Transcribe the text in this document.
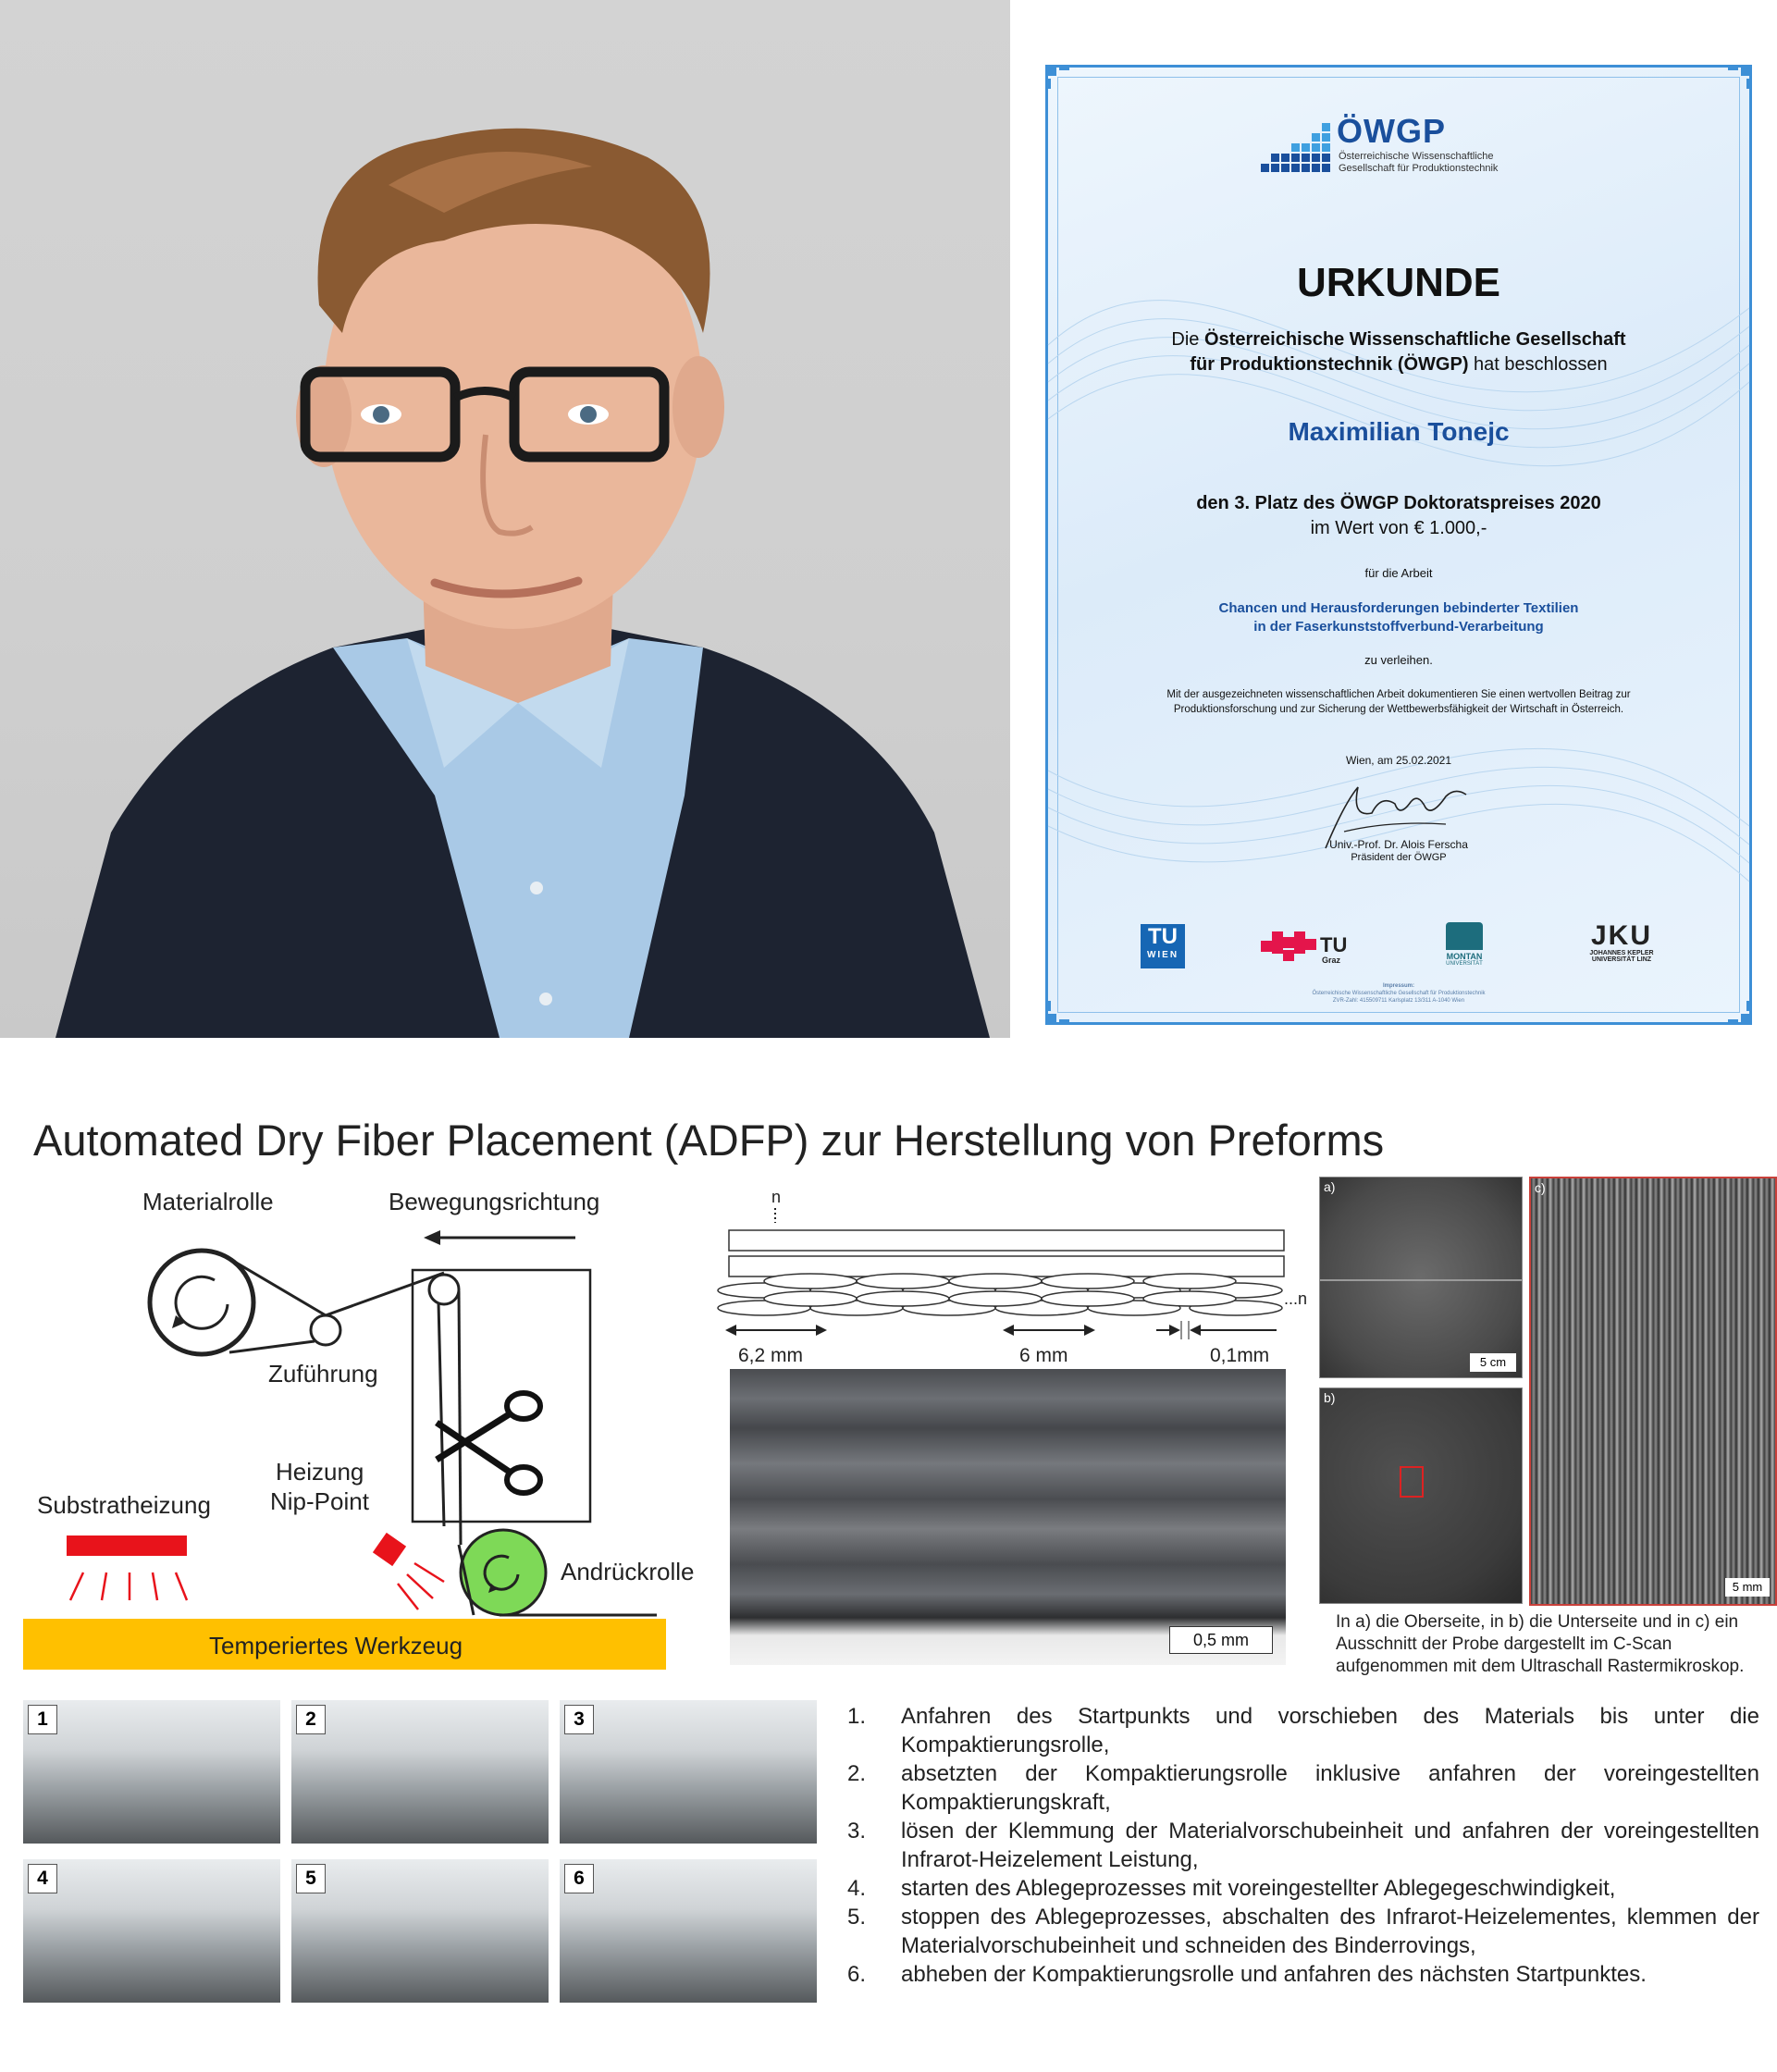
ÖWGP
Österreichische Wissenschaftliche
Gesellschaft für Produktionstechnik
URKUNDE
Die Österreichische Wissenschaftliche Gesellschaft
für Produktionstechnik (ÖWGP) hat beschlossen
Maximilian Tonejc
den 3. Platz des ÖWGP Doktoratspreises 2020
im Wert von € 1.000,-
für die Arbeit
Chancen und Herausforderungen bebinderter Textilien
in der Faserkunststoffverbund-Verarbeitung
zu verleihen.
Mit der ausgezeichneten wissenschaftlichen Arbeit dokumentieren Sie einen wertvollen Beitrag zur
Produktionsforschung und zur Sicherung der Wettbewerbsfähigkeit der Wirtschaft in Österreich.
Wien, am 25.02.2021
Univ.-Prof. Dr. Alois Ferscha
Präsident der ÖWGP
TU
WIEN	TU
Graz	MONTAN
UNIVERSITÄT
JKU
JOHANNES KEPLER
UNIVERSITÄT LINZ
Impressum:
Österreichische Wissenschaftliche Gesellschaft für Produktionstechnik
ZVR-Zahl: 415509711 Karlsplatz 13/311 A-1040 Wien
Automated Dry Fiber Placement (ADFP) zur Herstellung von Preforms
Materialrolle	Bewegungsrichtung
Zuführung
Heizung
Nip-Point
Substratheizung
Andrückrolle
Temperiertes Werkzeug
n
...n
6,2 mm	6 mm	0,1mm
0,5 mm
a)
5 cm
b)
c)
5 mm
In a) die Oberseite, in b) die Unterseite und in c) ein
Ausschnitt der Probe dargestellt im C-Scan
aufgenommen mit dem Ultraschall Rastermikroskop.
1	2	3
4	5	6
1. Anfahren des Startpunkts und vorschieben des Materials bis unter die Kompaktierungsrolle,
2. absetzten der Kompaktierungsrolle inklusive anfahren der voreingestellten Kompaktierungskraft,
3. lösen der Klemmung der Materialvorschubeinheit und anfahren der voreingestellten Infrarot-Heizelement Leistung,
4. starten des Ablegeprozesses mit voreingestellter Ablegegeschwindigkeit,
5. stoppen des Ablegeprozesses, abschalten des Infrarot-Heizelementes, klemmen der Materialvorschubeinheit und schneiden des Binderrovings,
6. abheben der Kompaktierungsrolle und anfahren des nächsten Startpunktes.
